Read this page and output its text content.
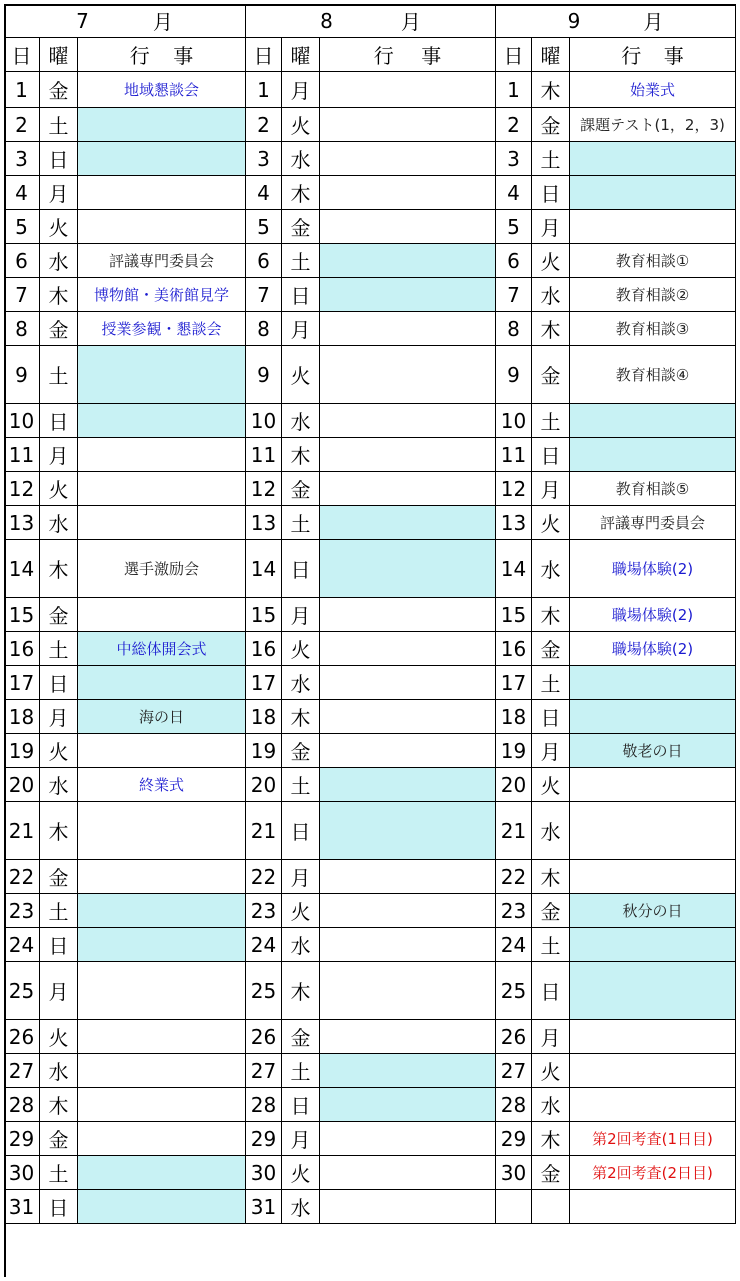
7	月
日 曜	行 事
1	金	地域懇談会
2	土
3	日
4	月
5	火
6	水	評議専門委員会
7	木	博物館・美術館見学
8	金	授業参観・懇談会
9	土
10 日
11 月
12 火
13 水
14 木	選手激励会
15 金
16 土	中総体開会式
17 日
18 月	海の日
19 火
20 水	終業式
21 木
22 金
23 土
24 日
25 月
26 火
27 水
28 木
29 金
30 土
31 日
8	月
日 曜	行 事
1	月
2	火
3	水
4	木
5	金
6	土
7	日
8	月
9	火
10 水
11 木
12 金
13 土
14 日
15 月
16 火
17 水
18 木
19 金
20 土
21 日
22 月
23 火
24 水
25 木
26 金
27 土
28 日
29 月
30 火
31 水
9	月
日 曜	行 事
1	木	始業式
2	金	課題テスト(1，2，3)
3	土
4	日
5	月
6	火	教育相談①
7	水	教育相談②
8	木	教育相談③
9	金	教育相談④
10 土
11 日
12 月	教育相談⑤
13 火	評議専門委員会
14 水	職場体験(2)
15 木	職場体験(2)
16 金	職場体験(2)
17 土
18 日
19 月	敬老の日
20 火
21 水
22 木
23 金	秋分の日
24 土
25 日
26 月
27 火
28 水
29 木	第2回考査(1日目)
30 金	第2回考査(2日目)
